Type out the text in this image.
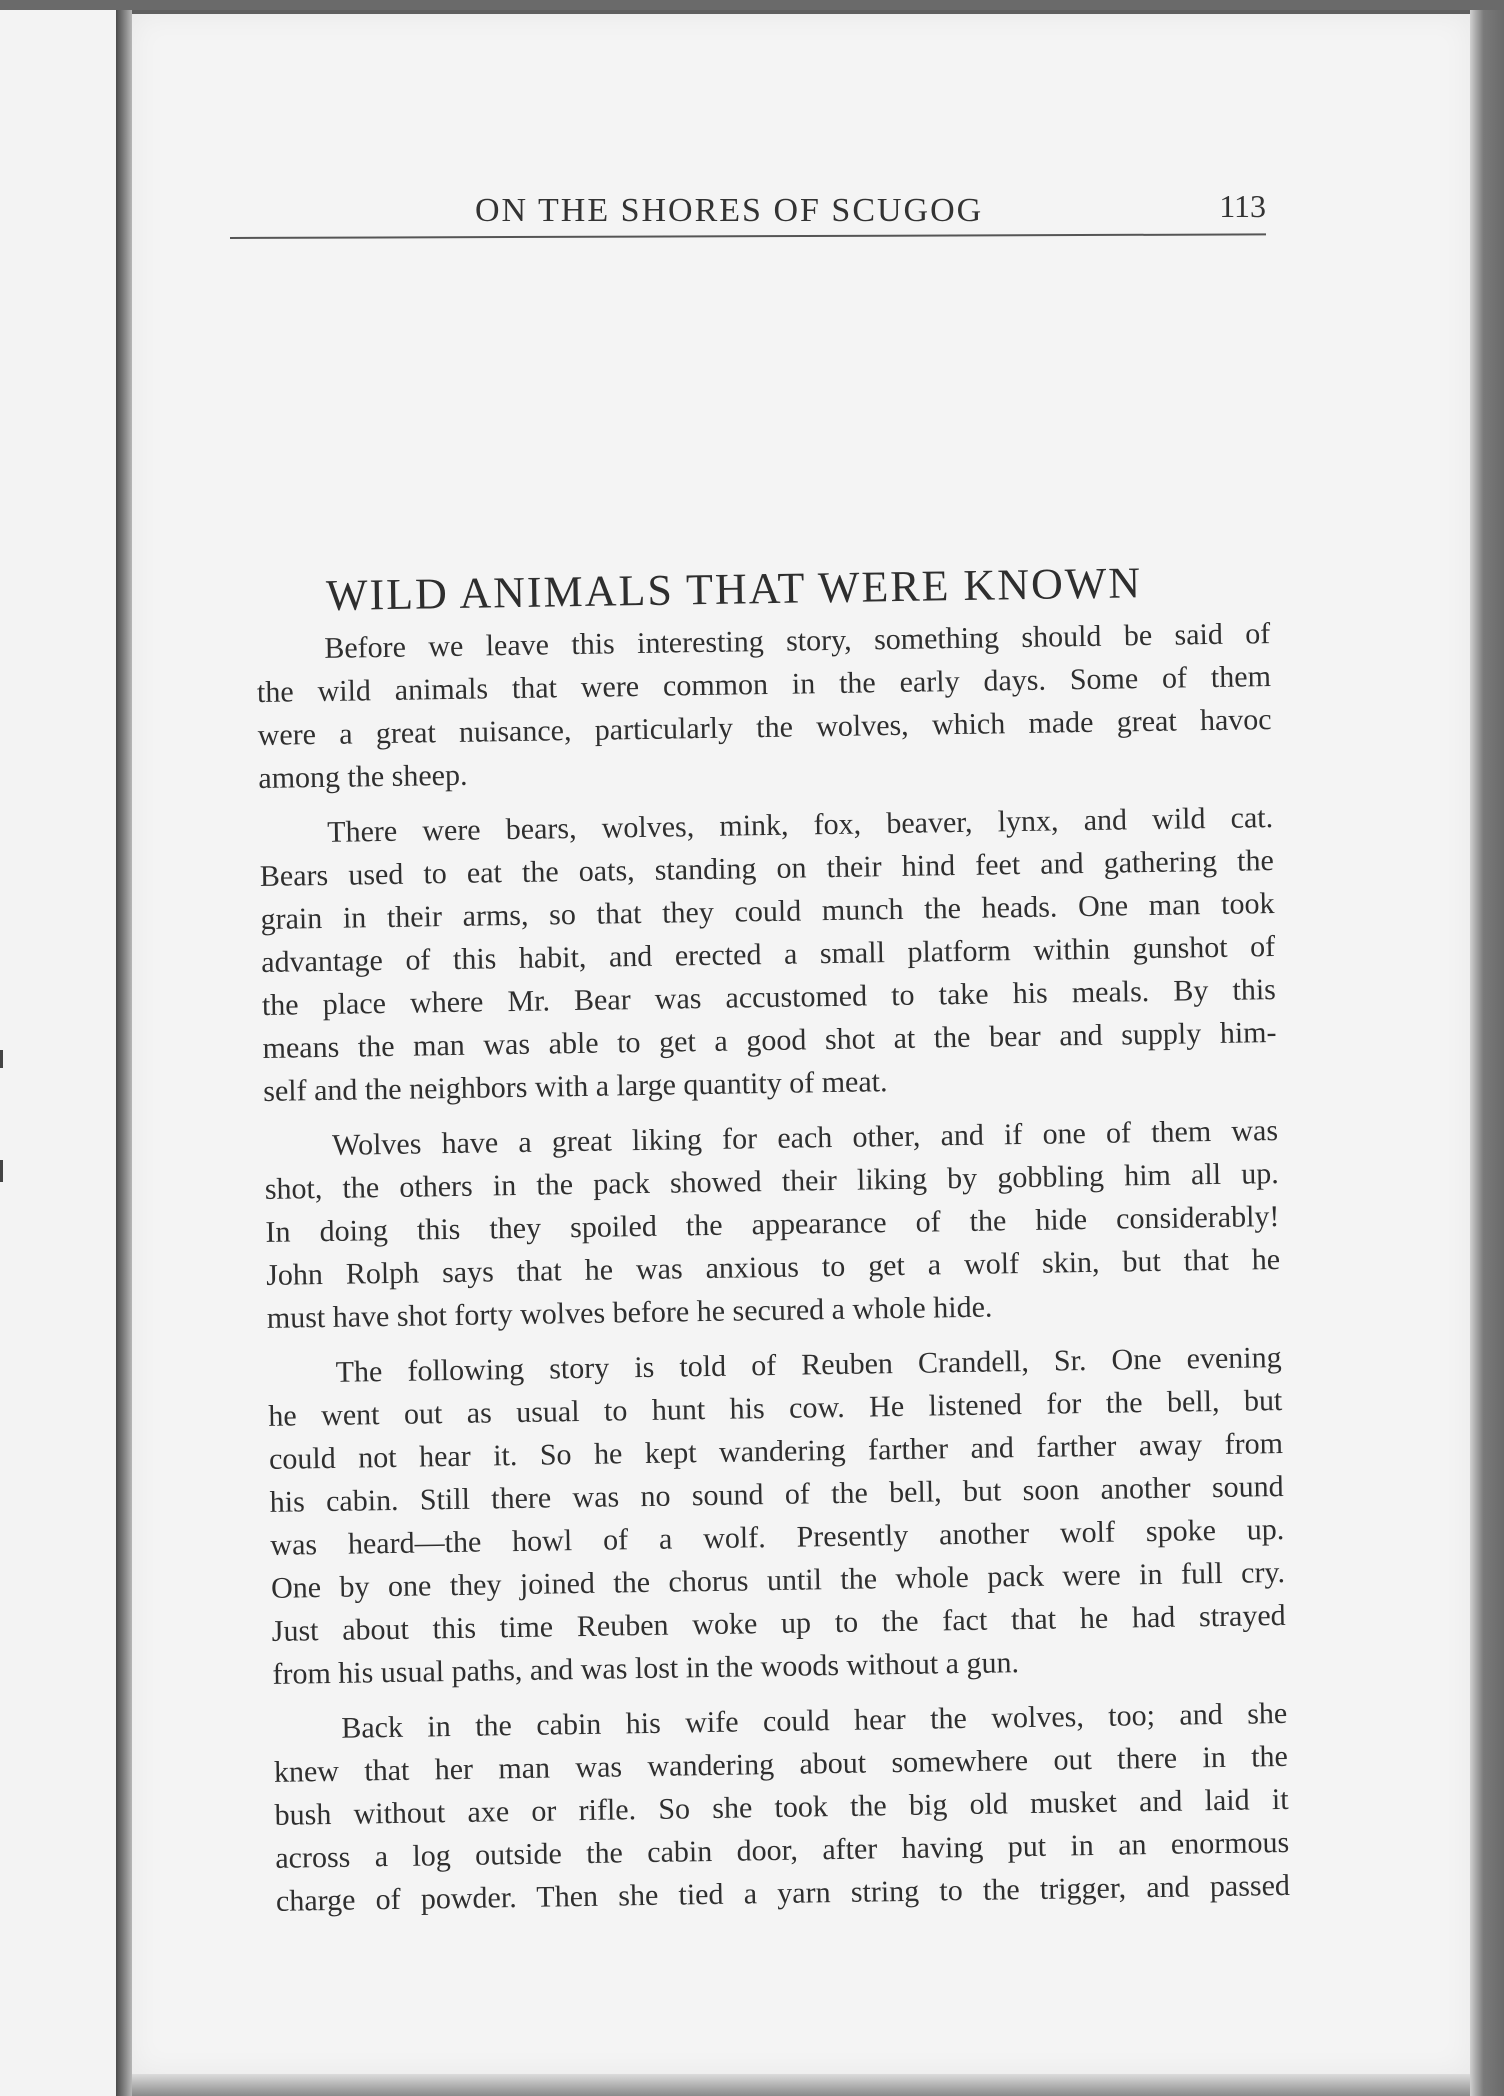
ON THE SHORES OF SCUGOG	113
WILD ANIMALS THAT WERE KNOWN
Before we leave this interesting story, something should be said of
the wild animals that were common in the early days. Some of them
were a great nuisance, particularly the wolves, which made great havoc
among the sheep.
There were bears, wolves, mink, fox, beaver, lynx, and wild cat.
Bears used to eat the oats, standing on their hind feet and gathering the
grain in their arms, so that they could munch the heads. One man took
advantage of this habit, and erected a small platform within gunshot of
the place where Mr. Bear was accustomed to take his meals. By this
means the man was able to get a good shot at the bear and supply him-
self and the neighbors with a large quantity of meat.
Wolves have a great liking for each other, and if one of them was
shot, the others in the pack showed their liking by gobbling him all up.
In doing this they spoiled the appearance of the hide considerably!
John Rolph says that he was anxious to get a wolf skin, but that he
must have shot forty wolves before he secured a whole hide.
The following story is told of Reuben Crandell, Sr. One evening
he went out as usual to hunt his cow. He listened for the bell, but
could not hear it. So he kept wandering farther and farther away from
his cabin. Still there was no sound of the bell, but soon another sound
was heard—the howl of a wolf. Presently another wolf spoke up.
One by one they joined the chorus until the whole pack were in full cry.
Just about this time Reuben woke up to the fact that he had strayed
from his usual paths, and was lost in the woods without a gun.
Back in the cabin his wife could hear the wolves, too; and she
knew that her man was wandering about somewhere out there in the
bush without axe or rifle. So she took the big old musket and laid it
across a log outside the cabin door, after having put in an enormous
charge of powder. Then she tied a yarn string to the trigger, and passed
